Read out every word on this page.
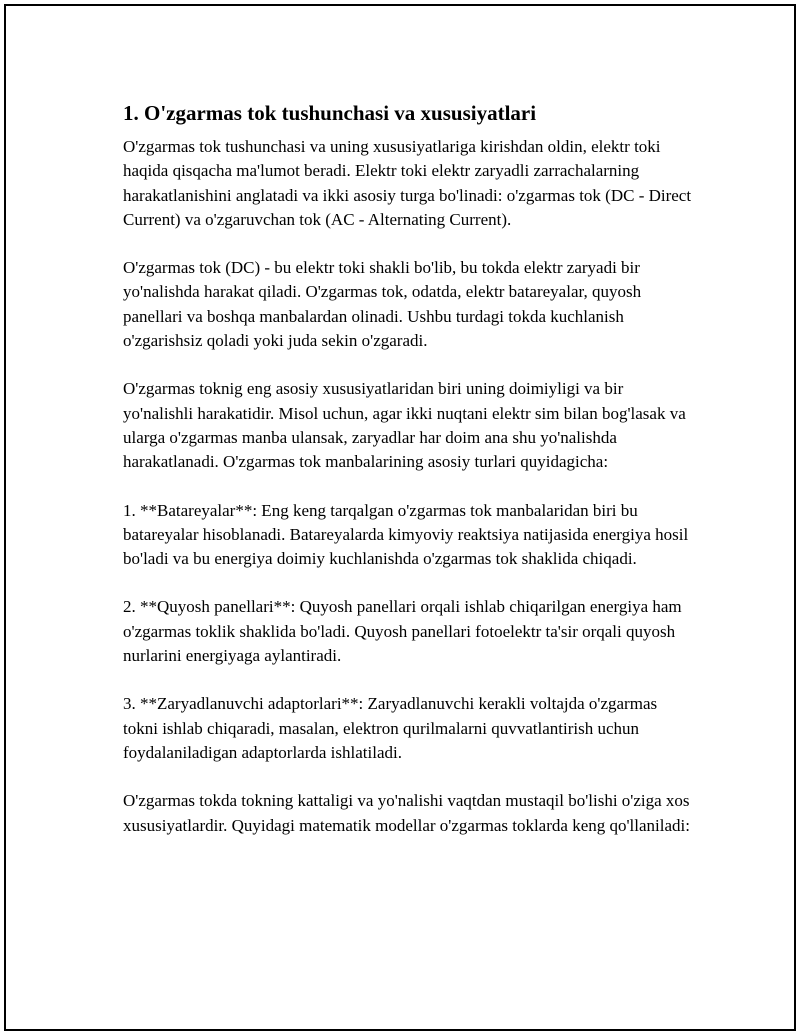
1. O'zgarmas tok tushunchasi va xususiyatlari

O'zgarmas tok tushunchasi va uning xususiyatlariga kirishdan oldin, elektr toki haqida qisqacha ma'lumot beradi. Elektr toki elektr zaryadli zarrachalarning harakatlanishini anglatadi va ikki asosiy turga bo'linadi: o'zgarmas tok (DC - Direct Current) va o'zgaruvchan tok (AC - Alternating Current).

O'zgarmas tok (DC) - bu elektr toki shakli bo'lib, bu tokda elektr zaryadi bir yo'nalishda harakat qiladi. O'zgarmas tok, odatda, elektr batareyalar, quyosh panellari va boshqa manbalardan olinadi. Ushbu turdagi tokda kuchlanish o'zgarishsiz qoladi yoki juda sekin o'zgaradi.

O'zgarmas toknig eng asosiy xususiyatlaridan biri uning doimiyligi va bir yo'nalishli harakatidir. Misol uchun, agar ikki nuqtani elektr sim bilan bog'lasak va ularga o'zgarmas manba ulansak, zaryadlar har doim ana shu yo'nalishda harakatlanadi. O'zgarmas tok manbalarining asosiy turlari quyidagicha:

1. **Batareyalar**: Eng keng tarqalgan o'zgarmas tok manbalaridan biri bu batareyalar hisoblanadi. Batareyalarda kimyoviy reaktsiya natijasida energiya hosil bo'ladi va bu energiya doimiy kuchlanishda o'zgarmas tok shaklida chiqadi.

2. **Quyosh panellari**: Quyosh panellari orqali ishlab chiqarilgan energiya ham o'zgarmas toklik shaklida bo'ladi. Quyosh panellari fotoelektr ta'sir orqali quyosh nurlarini energiyaga aylantiradi.

3. **Zaryadlanuvchi adaptorlari**: Zaryadlanuvchi kerakli voltajda o'zgarmas tokni ishlab chiqaradi, masalan, elektron qurilmalarni quvvatlantirish uchun foydalaniladigan adaptorlarda ishlatiladi.

O'zgarmas tokda tokning kattaligi va yo'nalishi vaqtdan mustaqil bo'lishi o'ziga xos xususiyatlardir. Quyidagi matematik modellar o'zgarmas toklarda keng qo'llaniladi:
